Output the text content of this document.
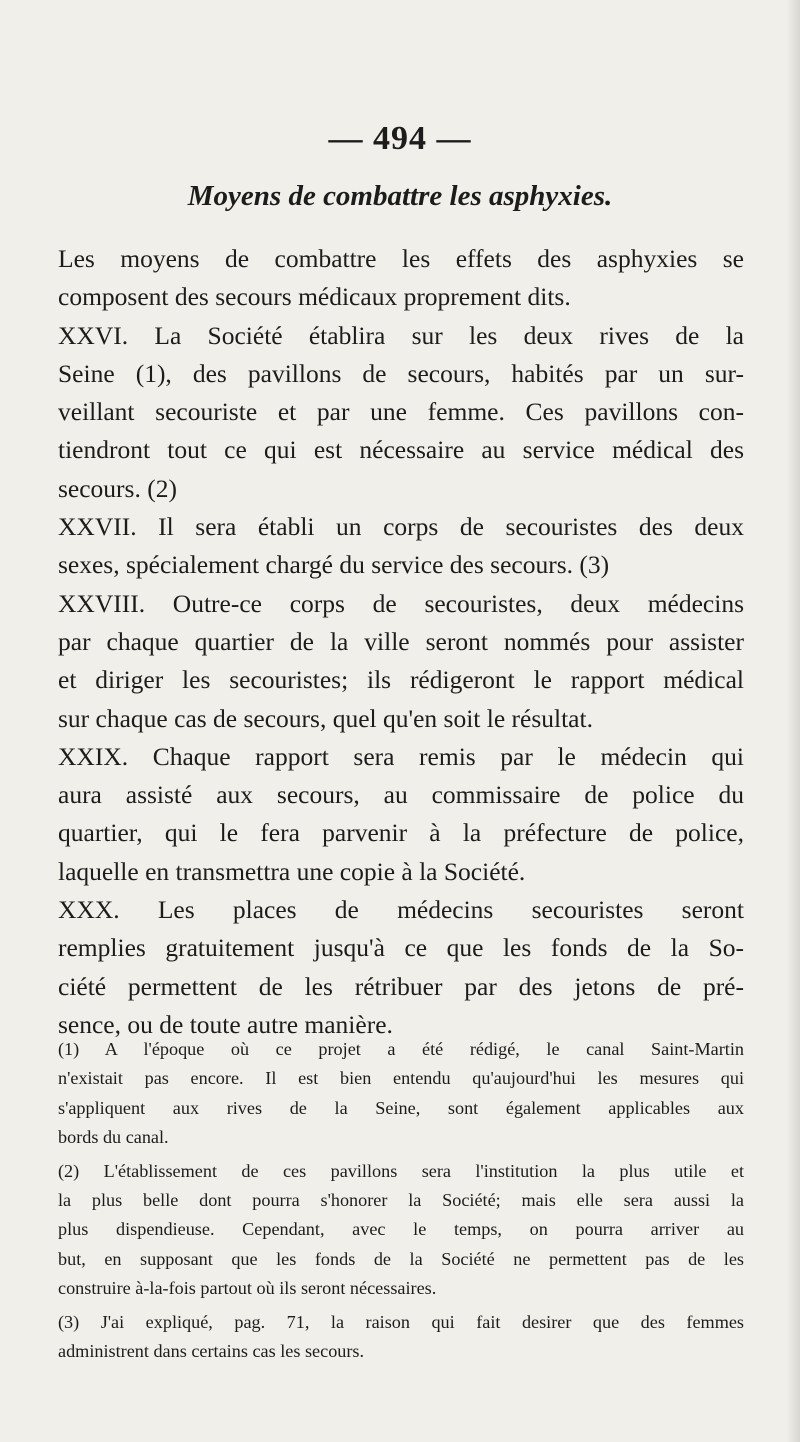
— 494 —
Moyens de combattre les asphyxies.
Les moyens de combattre les effets des asphyxies se
composent des secours médicaux proprement dits.
XXVI. La Société établira sur les deux rives de la
Seine (1), des pavillons de secours, habités par un sur-
veillant secouriste et par une femme. Ces pavillons con-
tiendront tout ce qui est nécessaire au service médical des
secours. (2)
XXVII. Il sera établi un corps de secouristes des deux
sexes, spécialement chargé du service des secours. (3)
XXVIII. Outre-ce corps de secouristes, deux médecins
par chaque quartier de la ville seront nommés pour assister
et diriger les secouristes; ils rédigeront le rapport médical
sur chaque cas de secours, quel qu'en soit le résultat.
XXIX. Chaque rapport sera remis par le médecin qui
aura assisté aux secours, au commissaire de police du
quartier, qui le fera parvenir à la préfecture de police,
laquelle en transmettra une copie à la Société.
XXX. Les places de médecins secouristes seront
remplies gratuitement jusqu'à ce que les fonds de la So-
ciété permettent de les rétribuer par des jetons de pré-
sence, ou de toute autre manière.
(1) A l'époque où ce projet a été rédigé, le canal Saint-Martin
n'existait pas encore. Il est bien entendu qu'aujourd'hui les mesures qui
s'appliquent aux rives de la Seine, sont également applicables aux
bords du canal.
(2) L'établissement de ces pavillons sera l'institution la plus utile et
la plus belle dont pourra s'honorer la Société; mais elle sera aussi la
plus dispendieuse. Cependant, avec le temps, on pourra arriver au
but, en supposant que les fonds de la Société ne permettent pas de les
construire à-la-fois partout où ils seront nécessaires.
(3) J'ai expliqué, pag. 71, la raison qui fait desirer que des femmes
administrent dans certains cas les secours.
